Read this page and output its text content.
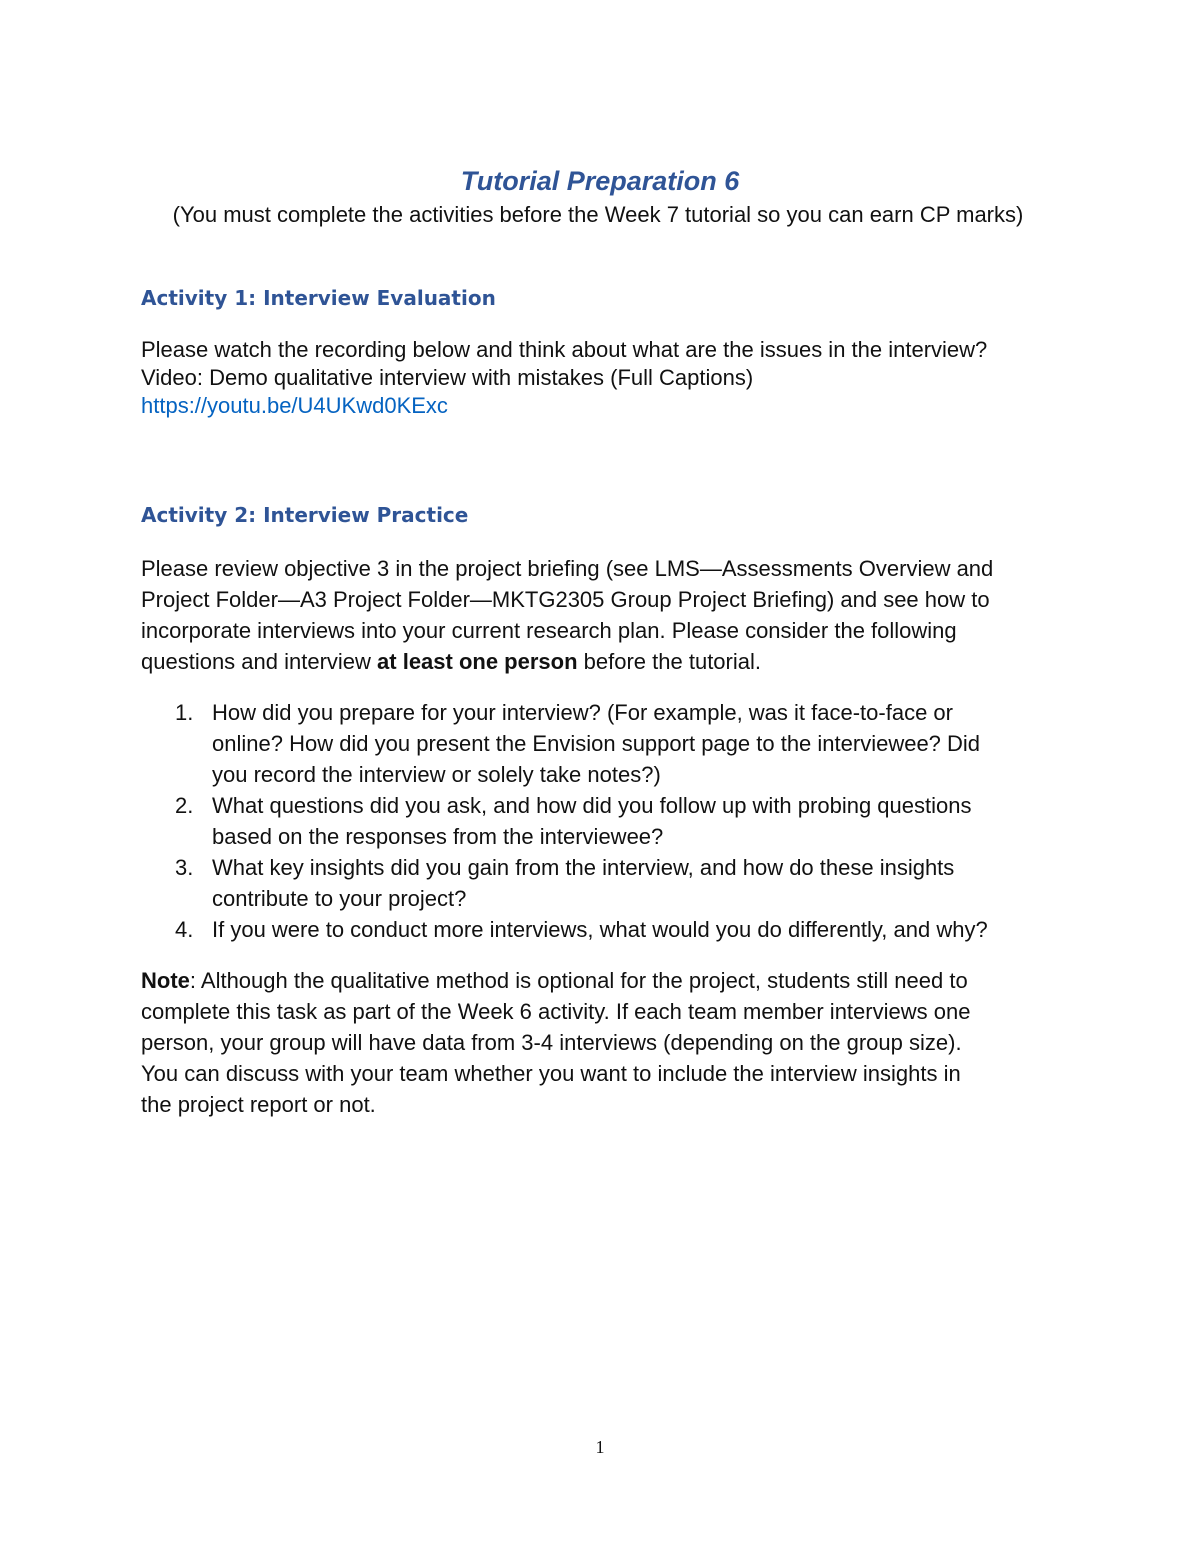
Tutorial Preparation 6
(You must complete the activities before the Week 7 tutorial so you can earn CP marks)
Activity 1: Interview Evaluation
Please watch the recording below and think about what are the issues in the interview?
Video: Demo qualitative interview with mistakes (Full Captions)
https://youtu.be/U4UKwd0KExc
Activity 2: Interview Practice
Please review objective 3 in the project briefing (see LMS—Assessments Overview and
Project Folder—A3 Project Folder—MKTG2305 Group Project Briefing) and see how to
incorporate interviews into your current research plan. Please consider the following
questions and interview at least one person before the tutorial.
1. How did you prepare for your interview? (For example, was it face-to-face or
online? How did you present the Envision support page to the interviewee? Did
you record the interview or solely take notes?)
2. What questions did you ask, and how did you follow up with probing questions
based on the responses from the interviewee?
3. What key insights did you gain from the interview, and how do these insights
contribute to your project?
4. If you were to conduct more interviews, what would you do differently, and why?
Note: Although the qualitative method is optional for the project, students still need to
complete this task as part of the Week 6 activity. If each team member interviews one
person, your group will have data from 3-4 interviews (depending on the group size).
You can discuss with your team whether you want to include the interview insights in
the project report or not.
1
